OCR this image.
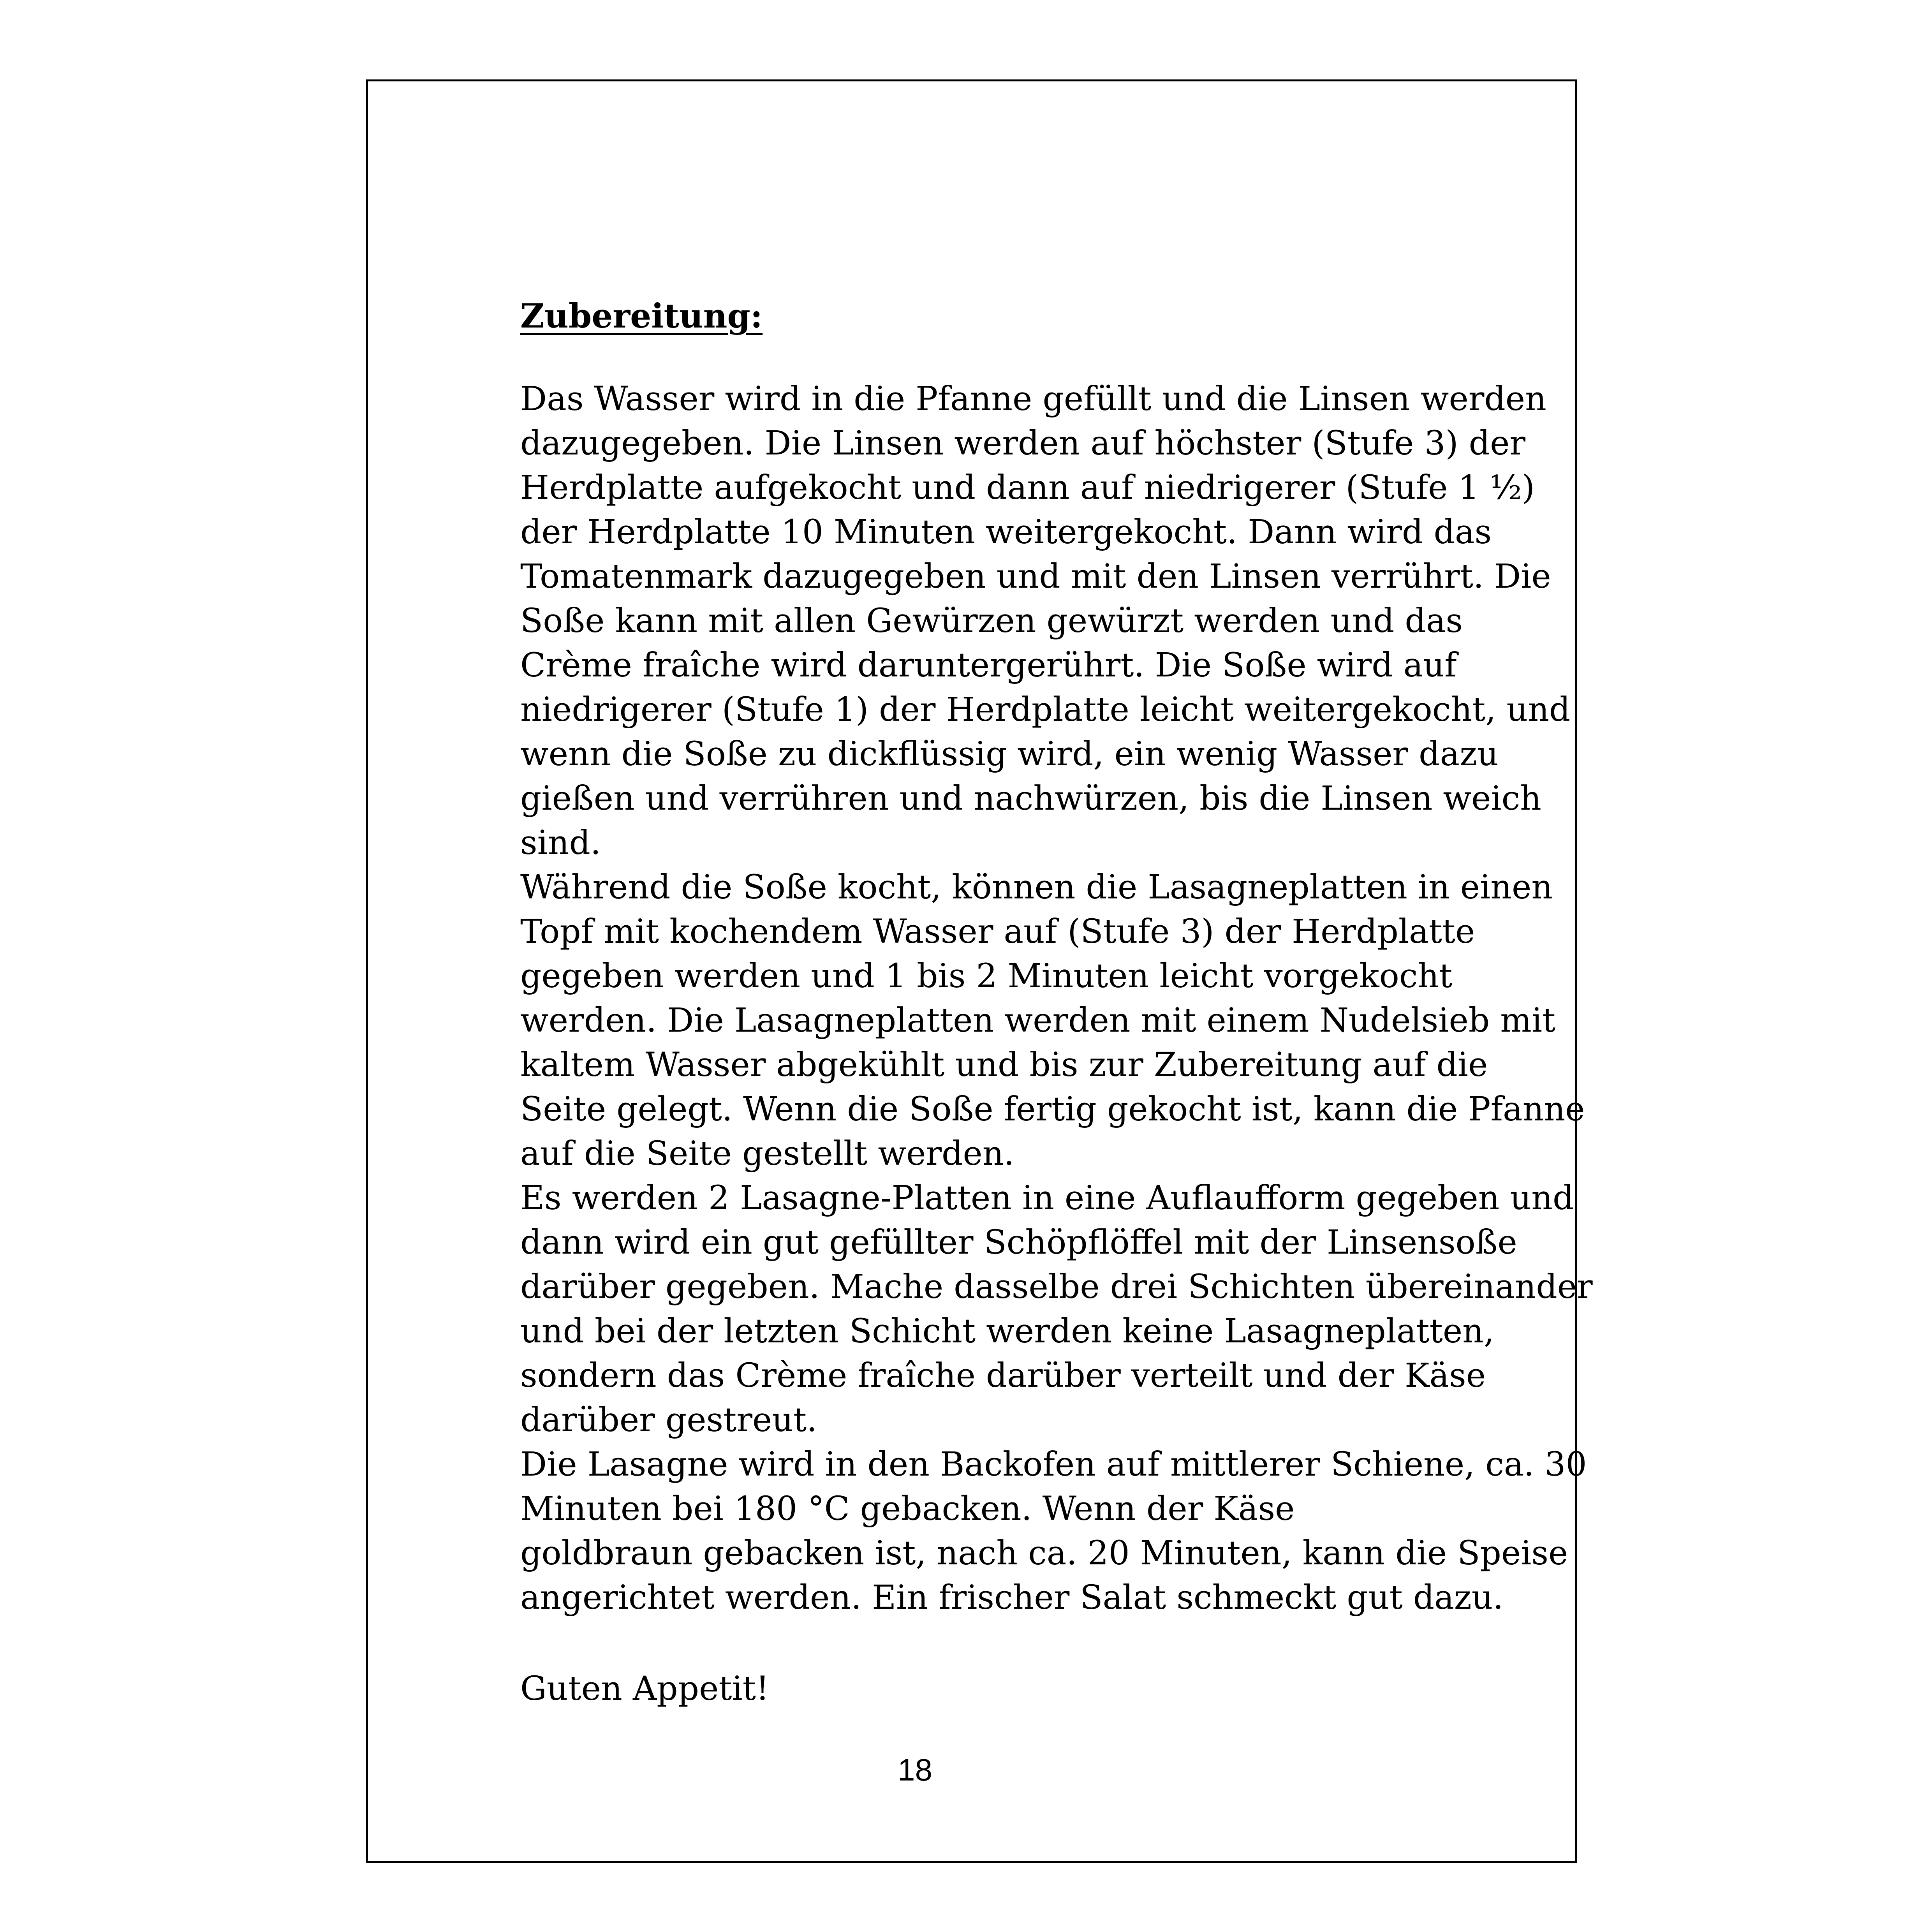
Zubereitung:
Das Wasser wird in die Pfanne gefüllt und die Linsen werden
dazugegeben. Die Linsen werden auf höchster (Stufe 3) der
Herdplatte aufgekocht und dann auf niedrigerer (Stufe 1 ½)
der Herdplatte 10 Minuten weitergekocht. Dann wird das
Tomatenmark dazugegeben und mit den Linsen verrührt. Die
Soße kann mit allen Gewürzen gewürzt werden und das
Crème fraîche wird daruntergerührt. Die Soße wird auf
niedrigerer (Stufe 1) der Herdplatte leicht weitergekocht, und
wenn die Soße zu dickflüssig wird, ein wenig Wasser dazu
gießen und verrühren und nachwürzen, bis die Linsen weich
sind.
Während die Soße kocht, können die Lasagneplatten in einen
Topf mit kochendem Wasser auf (Stufe 3) der Herdplatte
gegeben werden und 1 bis 2 Minuten leicht vorgekocht
werden. Die Lasagneplatten werden mit einem Nudelsieb mit
kaltem Wasser abgekühlt und bis zur Zubereitung auf die
Seite gelegt. Wenn die Soße fertig gekocht ist, kann die Pfanne
auf die Seite gestellt werden.
Es werden 2 Lasagne-Platten in eine Auflaufform gegeben und
dann wird ein gut gefüllter Schöpflöffel mit der Linsensoße
darüber gegeben. Mache dasselbe drei Schichten übereinander
und bei der letzten Schicht werden keine Lasagneplatten,
sondern das Crème fraîche darüber verteilt und der Käse
darüber gestreut.
Die Lasagne wird in den Backofen auf mittlerer Schiene, ca. 30
Minuten bei 180 °C gebacken. Wenn der Käse
goldbraun gebacken ist, nach ca. 20 Minuten, kann die Speise
angerichtet werden. Ein frischer Salat schmeckt gut dazu.

Guten Appetit!

18
